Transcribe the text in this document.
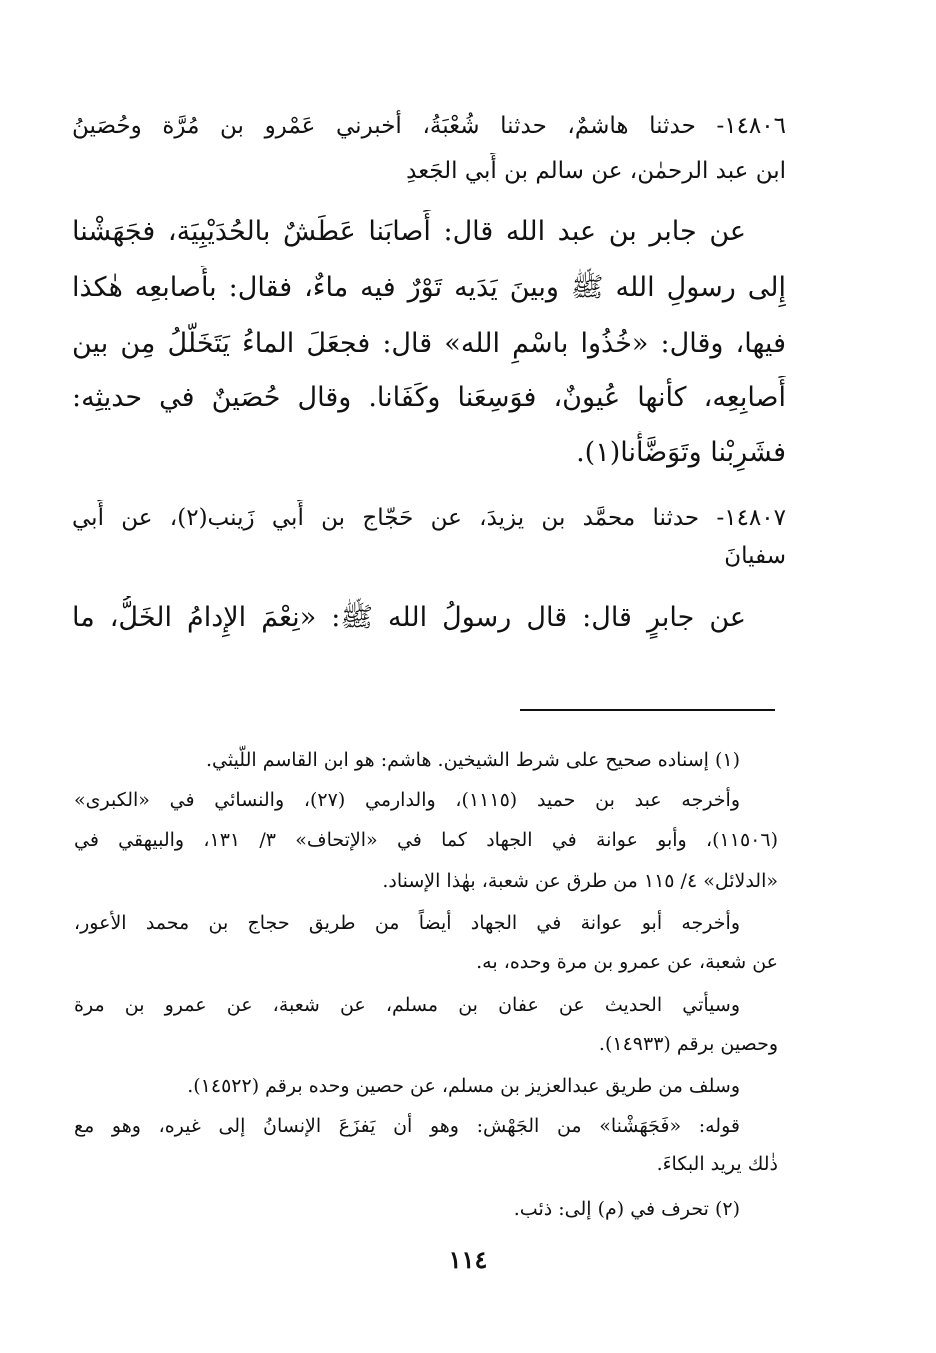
١٤٨٠٦- حدثنا هاشمٌ، حدثنا شُعْبَةُ، أخبرني عَمْرو بن مُرَّة وحُصَينُ
ابن عبد الرحمٰن، عن سالم بن أَبي الجَعدِ
عن جابر بن عبد الله قال: أَصابَنا عَطَشٌ بالحُدَيْبِيَة، فجَهَشْنا
إِلى رسولِ الله ﷺ وبينَ يَدَيه تَوْرٌ فيه ماءٌ، فقال: بأَصابعِه هٰكذا
فيها، وقال: «خُذُوا باسْمِ الله» قال: فجعَلَ الماءُ يَتَخَلَّلُ مِن بين
أَصابِعِه، كأنها عُيونٌ، فوَسِعَنا وكَفَانا. وقال حُصَينٌ في حديثِه:
فشَرِبْنا وتَوَضَّأْنا(١).
١٤٨٠٧- حدثنا محمَّد بن يزيدَ، عن حَجّاج بن أَبي زَينب(٢)، عن أَبي
سفيانَ
عن جابرٍ قال: قال رسولُ الله ﷺ: «نِعْمَ الإِدامُ الخَلُّ، ما
(١) إسناده صحيح على شرط الشيخين. هاشم: هو ابن القاسم اللَّيثي.
وأخرجه عبد بن حميد (١١١٥)، والدارمي (٢٧)، والنسائي في «الكبرى»
(١١٥٠٦)، وأبو عوانة في الجهاد كما في «الإتحاف» ٣/ ١٣١، والبيهقي في
«الدلائل» ٤/ ١١٥ من طرق عن شعبة، بهٰذا الإسناد.
وأخرجه أبو عوانة في الجهاد أيضاً من طريق حجاج بن محمد الأعور،
عن شعبة، عن عمرو بن مرة وحده، به.
وسيأتي الحديث عن عفان بن مسلم، عن شعبة، عن عمرو بن مرة
وحصين برقم (١٤٩٣٣).
وسلف من طريق عبدالعزيز بن مسلم، عن حصين وحده برقم (١٤٥٢٢).
قوله: «فَجَهَشْنا» من الجَهْش: وهو أن يَفزَعَ الإنسانُ إلى غيره، وهو مع
ذٰلك يريد البكاءَ.
(٢) تحرف في (م) إلى: ذئب.
١١٤
